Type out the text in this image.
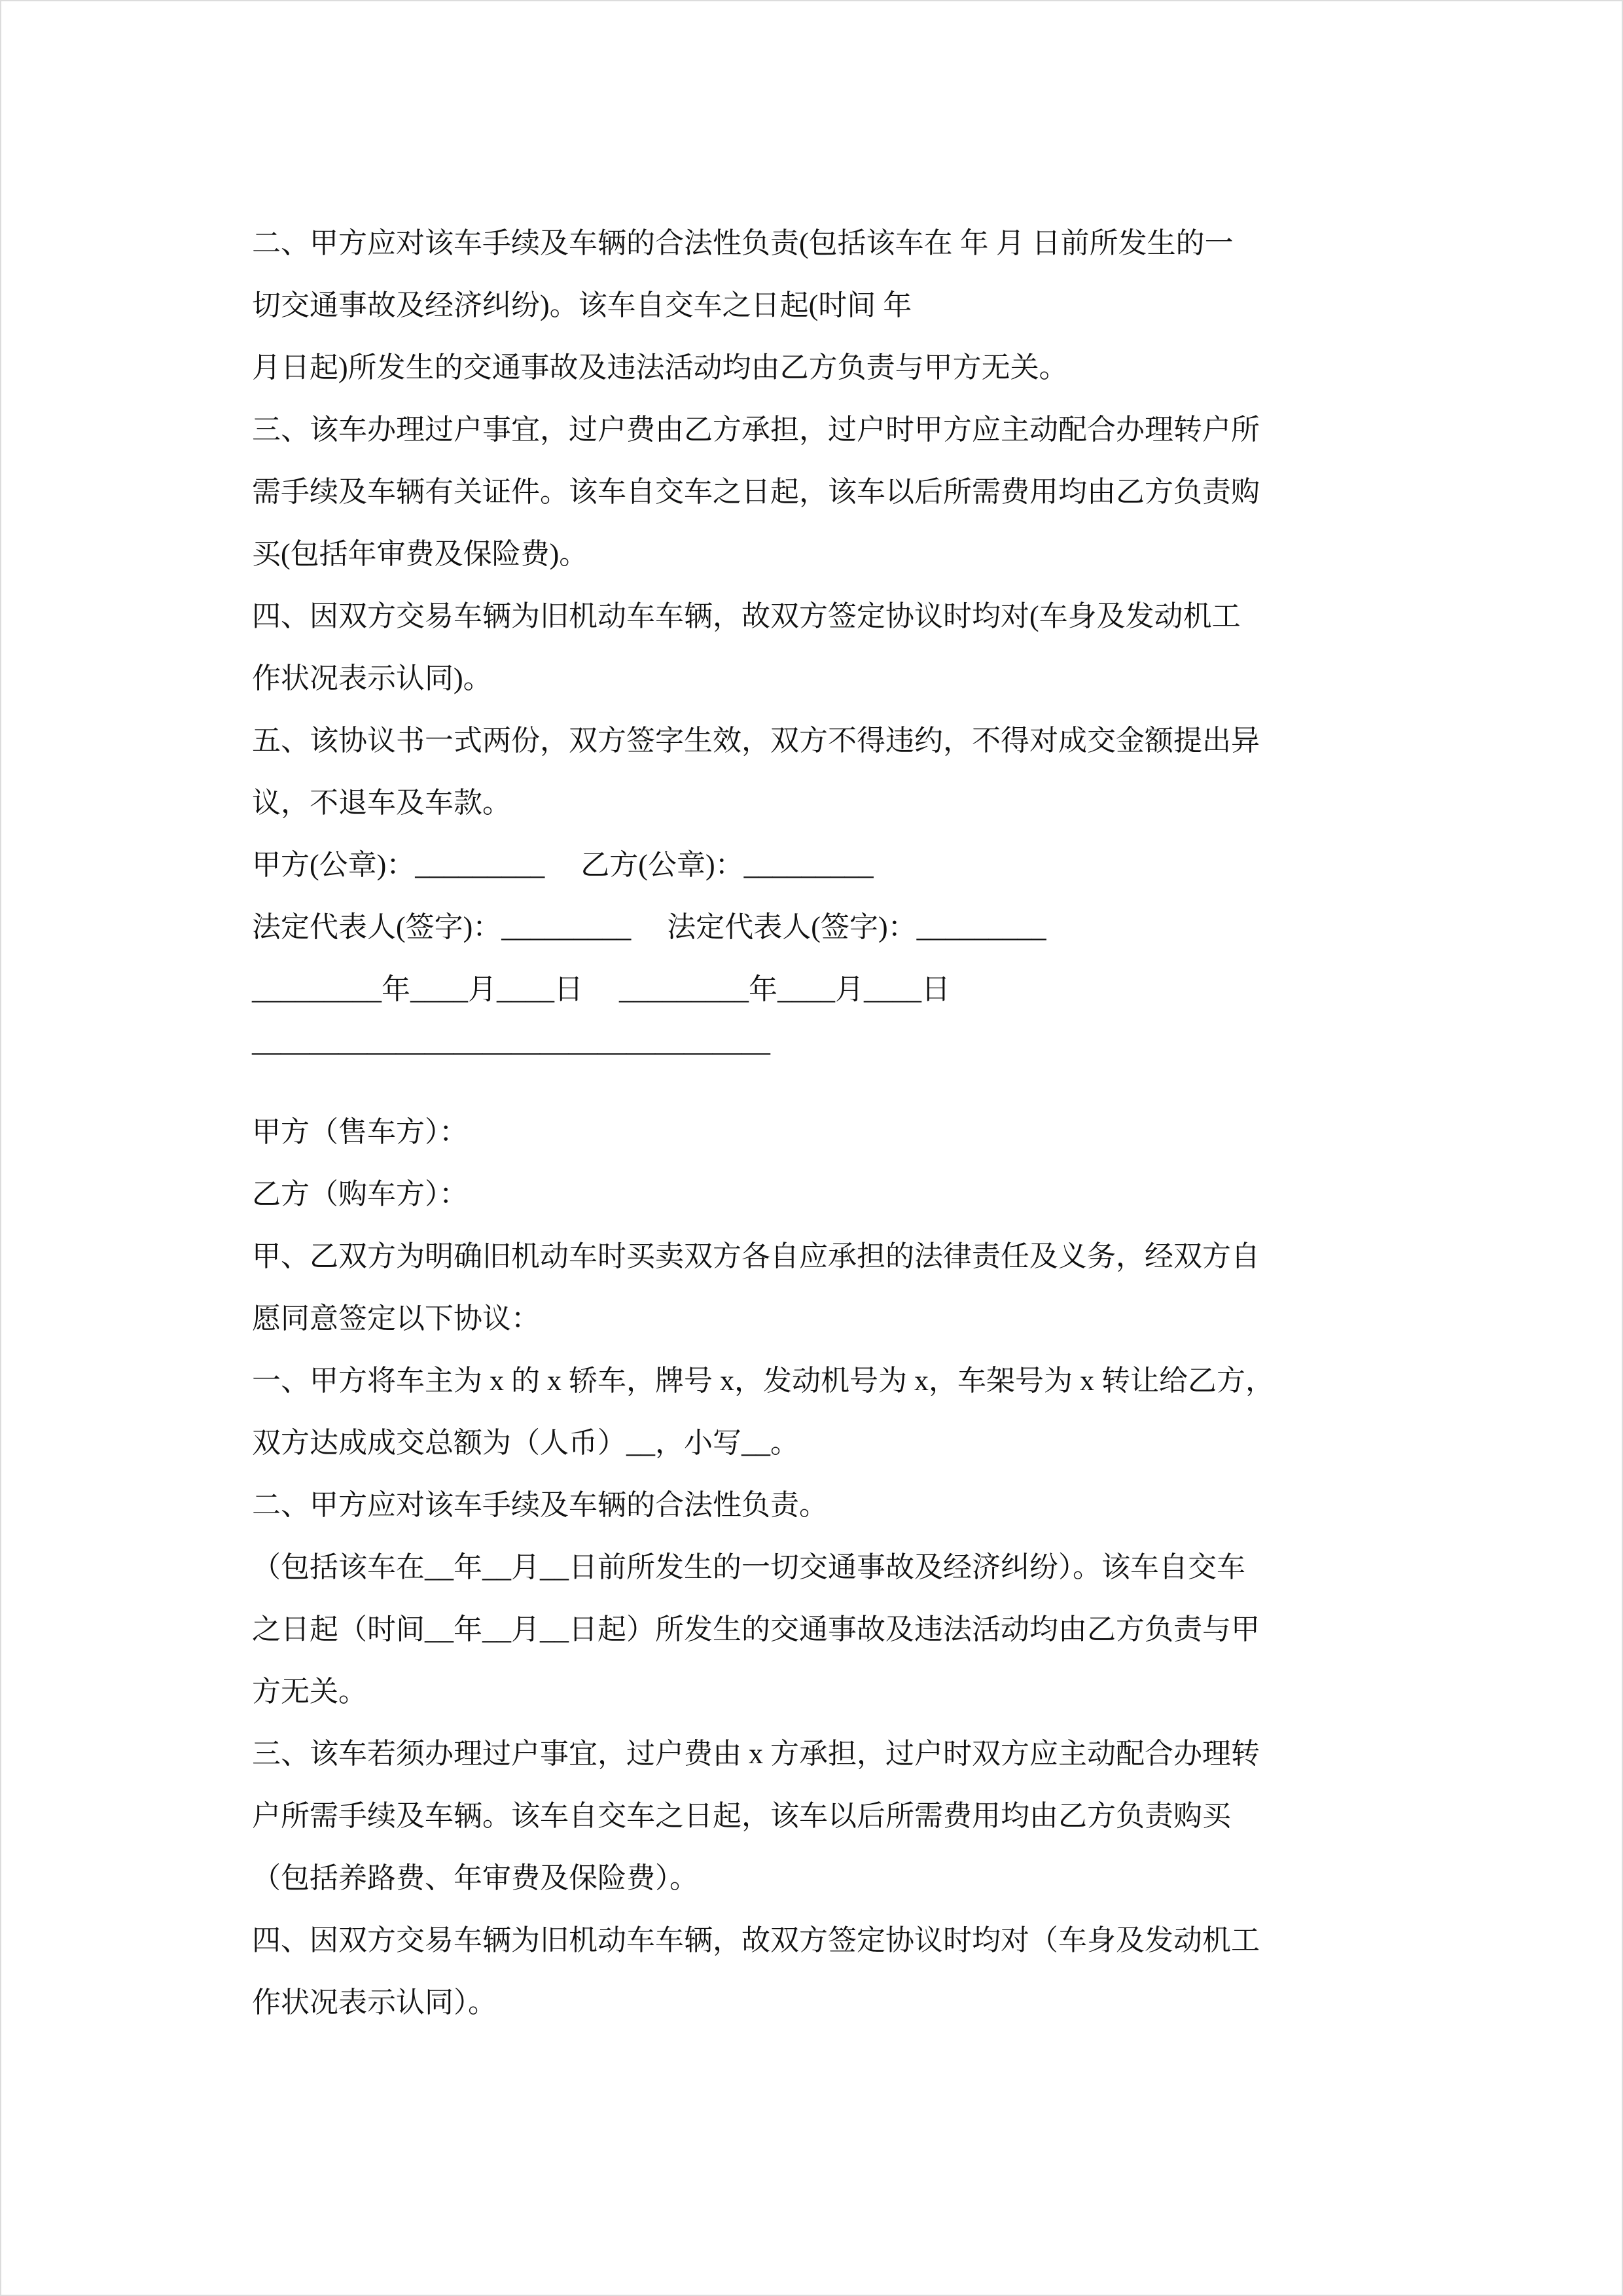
二、甲方应对该车手续及车辆的合法性负责(包括该车在 年 月 日前所发生的一
切交通事故及经济纠纷)。该车自交车之日起(时间 年
月日起)所发生的交通事故及违法活动均由乙方负责与甲方无关。
三、该车办理过户事宜，过户费由乙方承担，过户时甲方应主动配合办理转户所
需手续及车辆有关证件。该车自交车之日起，该车以后所需费用均由乙方负责购
买(包括年审费及保险费)。
四、因双方交易车辆为旧机动车车辆，故双方签定协议时均对(车身及发动机工
作状况表示认同)。
五、该协议书一式两份，双方签字生效，双方不得违约，不得对成交金额提出异
议，不退车及车款。
甲方(公章)：_________　 乙方(公章)：_________
法定代表人(签字)：_________　 法定代表人(签字)：_________
_________年____月____日　 _________年____月____日
——————————————————
甲方（售车方）：
乙方（购车方）：
甲、乙双方为明确旧机动车时买卖双方各自应承担的法律责任及义务，经双方自
愿同意签定以下协议：
一、甲方将车主为 x 的 x 轿车，牌号 x，发动机号为 x，车架号为 x 转让给乙方，
双方达成成交总额为（人币）__，小写__。
二、甲方应对该车手续及车辆的合法性负责。
（包括该车在__年__月__日前所发生的一切交通事故及经济纠纷）。该车自交车
之日起（时间__年__月__日起）所发生的交通事故及违法活动均由乙方负责与甲
方无关。
三、该车若须办理过户事宜，过户费由 x 方承担，过户时双方应主动配合办理转
户所需手续及车辆。该车自交车之日起，该车以后所需费用均由乙方负责购买
（包括养路费、年审费及保险费）。
四、因双方交易车辆为旧机动车车辆，故双方签定协议时均对（车身及发动机工
作状况表示认同）。
